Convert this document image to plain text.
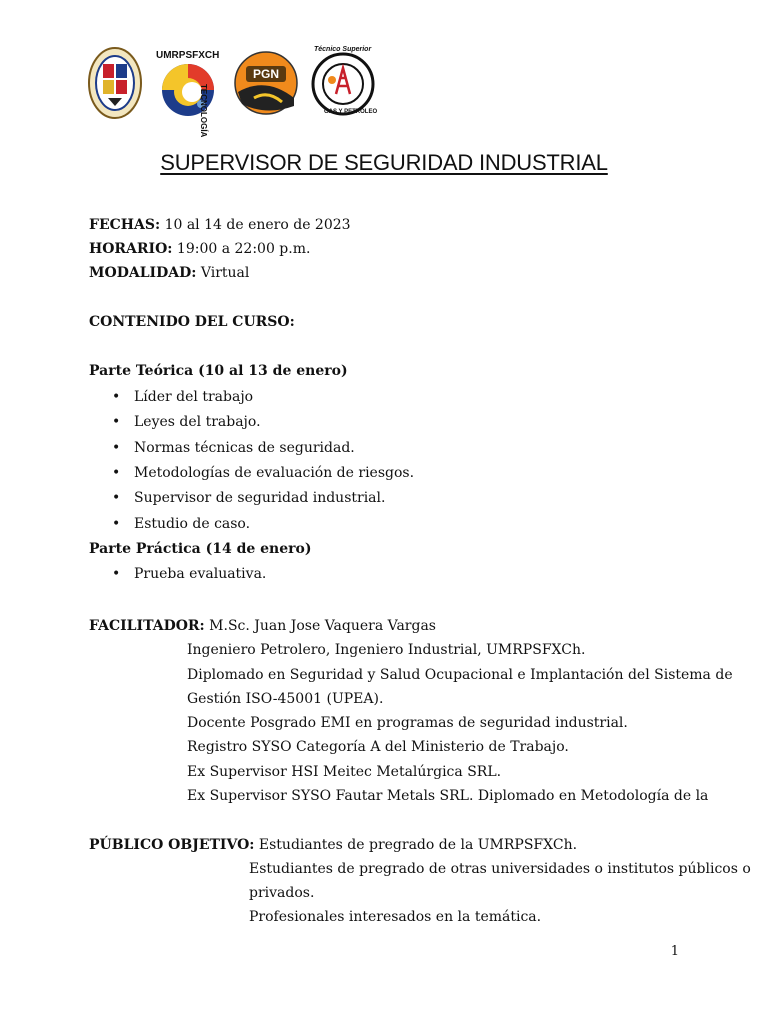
UMRPSFXCH
TECNOLOGÍA
PGN
Técnico Superior
GAS Y PETRÓLEO
SUPERVISOR DE SEGURIDAD INDUSTRIAL
FECHAS: 10 al 14 de enero de 2023
HORARIO: 19:00 a 22:00 p.m.
MODALIDAD: Virtual
CONTENIDO DEL CURSO:
Parte Teórica (10 al 13 de enero)
• Líder del trabajo
• Leyes del trabajo.
• Normas técnicas de seguridad.
• Metodologías de evaluación de riesgos.
• Supervisor de seguridad industrial.
• Estudio de caso.
Parte Práctica (14 de enero)
• Prueba evaluativa.
FACILITADOR: M.Sc. Juan Jose Vaquera Vargas
Ingeniero Petrolero, Ingeniero Industrial, UMRPSFXCh.
Diplomado en Seguridad y Salud Ocupacional e Implantación del Sistema de
Gestión ISO-45001 (UPEA).
Docente Posgrado EMI en programas de seguridad industrial.
Registro SYSO Categoría A del Ministerio de Trabajo.
Ex Supervisor HSI Meitec Metalúrgica SRL.
Ex Supervisor SYSO Fautar Metals SRL. Diplomado en Metodología de la
PÚBLICO OBJETIVO: Estudiantes de pregrado de la UMRPSFXCh.
Estudiantes de pregrado de otras universidades o institutos públicos o
privados.
Profesionales interesados en la temática.
1
